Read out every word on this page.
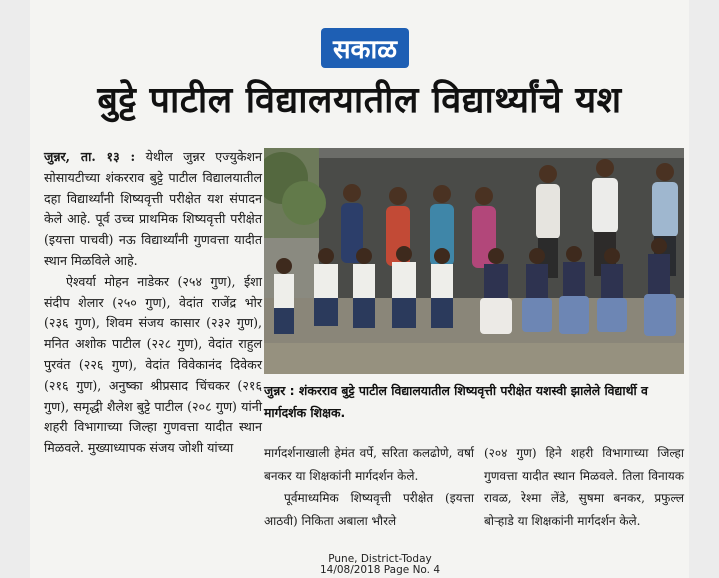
सकाळ
बुट्टे पाटील विद्यालयातील विद्यार्थ्यांचे यश

जुन्नर, ता. १३ : येथील जुन्नर एज्युकेशन सोसायटीच्या शंकरराव बुट्टे पाटील विद्यालयातील दहा विद्यार्थ्यांनी शिष्यवृत्ती परीक्षेत यश संपादन केले आहे. पूर्व उच्च प्राथमिक शिष्यवृत्ती परीक्षेत (इयत्ता पाचवी) नऊ विद्यार्थ्यांनी गुणवत्ता यादीत स्थान मिळविले आहे.

ऐश्वर्या मोहन नाडेकर (२५४ गुण), ईशा संदीप शेलार (२५० गुण), वेदांत राजेंद्र भोर (२३६ गुण), शिवम संजय कासार (२३२ गुण), मनित अशोक पाटील (२२८ गुण), वेदांत राहुल पुरवंत (२२६ गुण), वेदांत विवेकानंद दिवेकर (२१६ गुण), अनुष्का श्रीप्रसाद चिंचकर (२१६ गुण), समृद्धी शैलेश बुट्टे पाटील (२०८ गुण) यांनी शहरी विभागाच्या जिल्हा गुणवत्ता यादीत स्थान मिळवले. मुख्याध्यापक संजय जोशी यांच्या

जुन्नर : शंकरराव बुट्टे पाटील विद्यालयातील शिष्यवृत्ती परीक्षेत यशस्वी झालेले विद्यार्थी व मार्गदर्शक शिक्षक.

मार्गदर्शनाखाली हेमंत वर्पे, सरिता कलढोणे, वर्षा बनकर या शिक्षकांनी मार्गदर्शन केले.

पूर्वमाध्यमिक शिष्यवृत्ती परीक्षेत (इयत्ता आठवी) निकिता अबाला भौरले

(२०४ गुण) हिने शहरी विभागाच्या जिल्हा गुणवत्ता यादीत स्थान मिळवले. तिला विनायक रावळ, रेश्मा लेंडे, सुषमा बनकर, प्रफुल्ल बोऱ्हाडे या शिक्षकांनी मार्गदर्शन केले.

Pune, District-Today
14/08/2018 Page No. 4
